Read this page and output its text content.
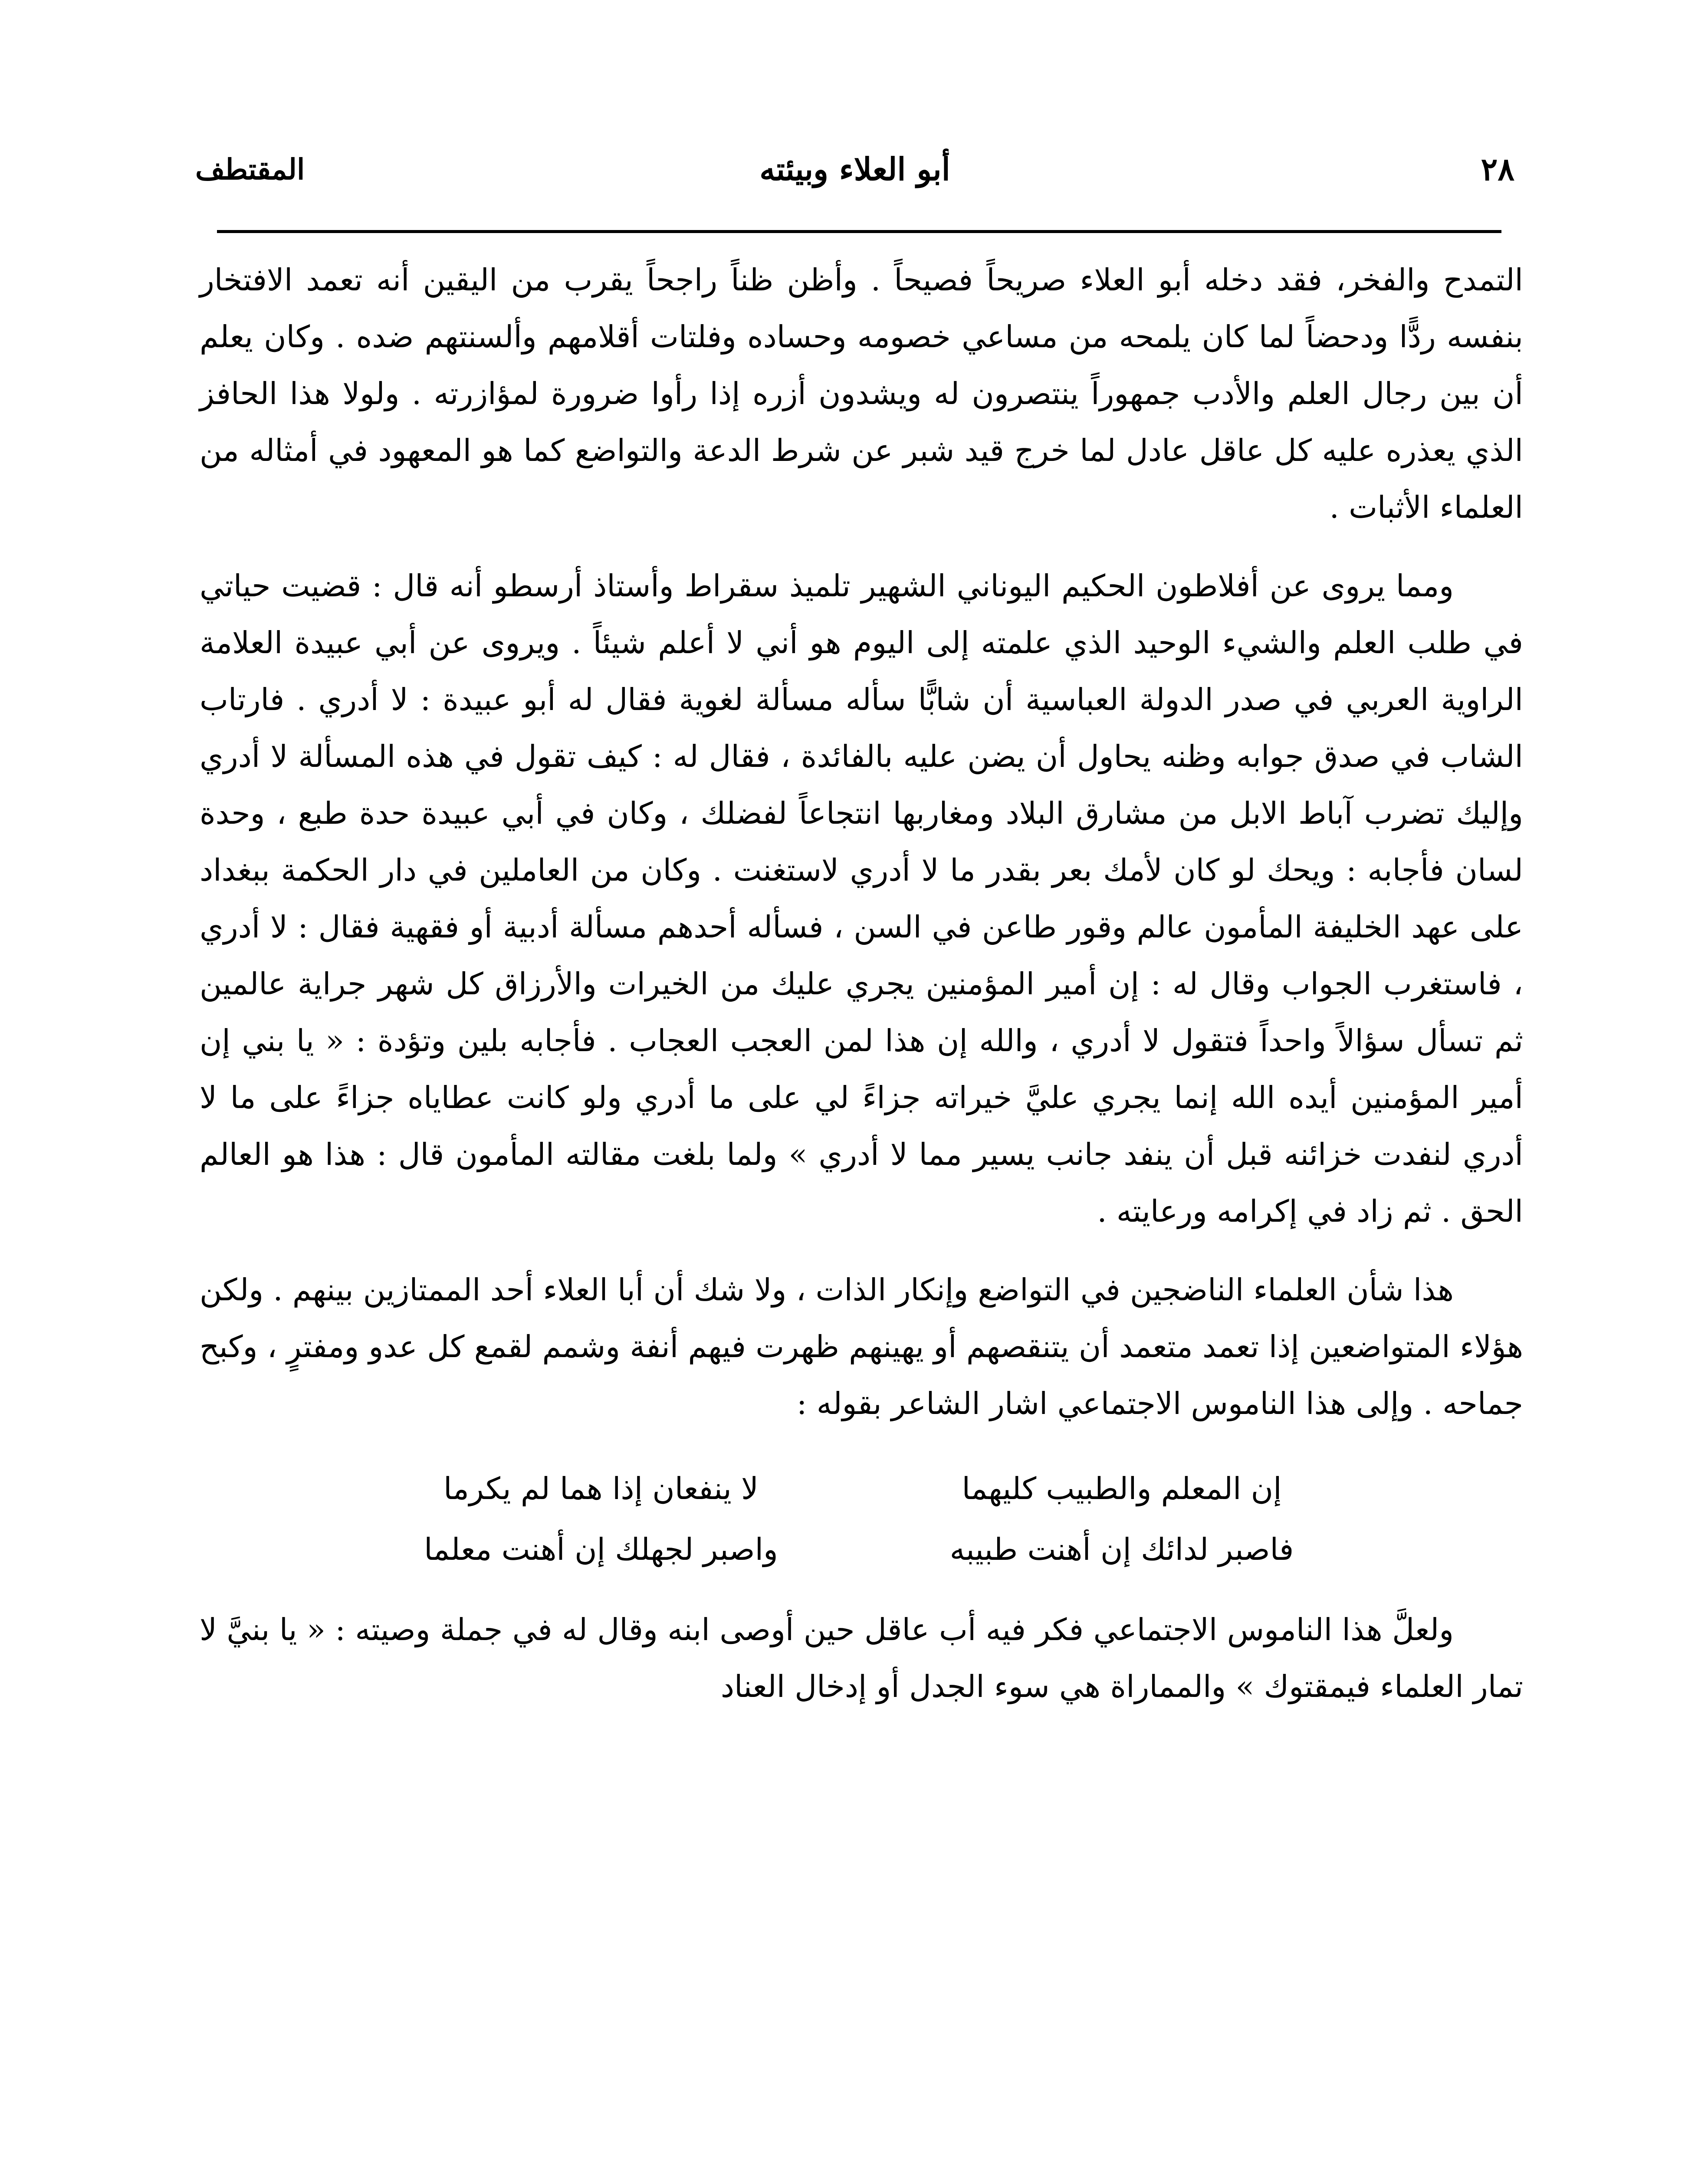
٢٨
أبو العلاء وبيئته
المقتطف

التمدح والفخر، فقد دخله أبو العلاء صريحاً فصيحاً . وأظن ظناً راجحاً يقرب من اليقين أنه تعمد الافتخار بنفسه ردًّا ودحضاً لما كان يلمحه من مساعي خصومه وحساده وفلتات أقلامهم وألسنتهم ضده . وكان يعلم أن بين رجال العلم والأدب جمهوراً ينتصرون له ويشدون أزره إذا رأوا ضرورة لمؤازرته . ولولا هذا الحافز الذي يعذره عليه كل عاقل عادل لما خرج قيد شبر عن شرط الدعة والتواضع كما هو المعهود في أمثاله من العلماء الأثبات .

ومما يروى عن أفلاطون الحكيم اليوناني الشهير تلميذ سقراط وأستاذ أرسطو أنه قال : قضيت حياتي في طلب العلم والشيء الوحيد الذي علمته إلى اليوم هو أني لا أعلم شيئاً . ويروى عن أبي عبيدة العلامة الراوية العربي في صدر الدولة العباسية أن شابًّا سأله مسألة لغوية فقال له أبو عبيدة : لا أدري . فارتاب الشاب في صدق جوابه وظنه يحاول أن يضن عليه بالفائدة ، فقال له : كيف تقول في هذه المسألة لا أدري وإليك تضرب آباط الابل من مشارق البلاد ومغاربها انتجاعاً لفضلك ، وكان في أبي عبيدة حدة طبع ، وحدة لسان فأجابه : ويحك لو كان لأمك بعر بقدر ما لا أدري لاستغنت . وكان من العاملين في دار الحكمة ببغداد على عهد الخليفة المأمون عالم وقور طاعن في السن ، فسأله أحدهم مسألة أدبية أو فقهية فقال : لا أدري ، فاستغرب الجواب وقال له : إن أمير المؤمنين يجري عليك من الخيرات والأرزاق كل شهر جراية عالمين ثم تسأل سؤالاً واحداً فتقول لا أدري ، والله إن هذا لمن العجب العجاب . فأجابه بلين وتؤدة : « يا بني إن أمير المؤمنين أيده الله إنما يجري عليَّ خيراته جزاءً لي على ما أدري ولو كانت عطاياه جزاءً على ما لا أدري لنفدت خزائنه قبل أن ينفد جانب يسير مما لا أدري » ولما بلغت مقالته المأمون قال : هذا هو العالم الحق . ثم زاد في إكرامه ورعايته .

هذا شأن العلماء الناضجين في التواضع وإنكار الذات ، ولا شك أن أبا العلاء أحد الممتازين بينهم . ولكن هؤلاء المتواضعين إذا تعمد متعمد أن يتنقصهم أو يهينهم ظهرت فيهم أنفة وشمم لقمع كل عدو ومفترٍ ، وكبح جماحه . وإلى هذا الناموس الاجتماعي اشار الشاعر بقوله :

إن المعلم والطبيب كليهما
لا ينفعان إذا هما لم يكرما
فاصبر لدائك إن أهنت طبيبه
واصبر لجهلك إن أهنت معلما

ولعلَّ هذا الناموس الاجتماعي فكر فيه أب عاقل حين أوصى ابنه وقال له في جملة وصيته : « يا بنيَّ لا تمار العلماء فيمقتوك » والمماراة هي سوء الجدل أو إدخال العناد
